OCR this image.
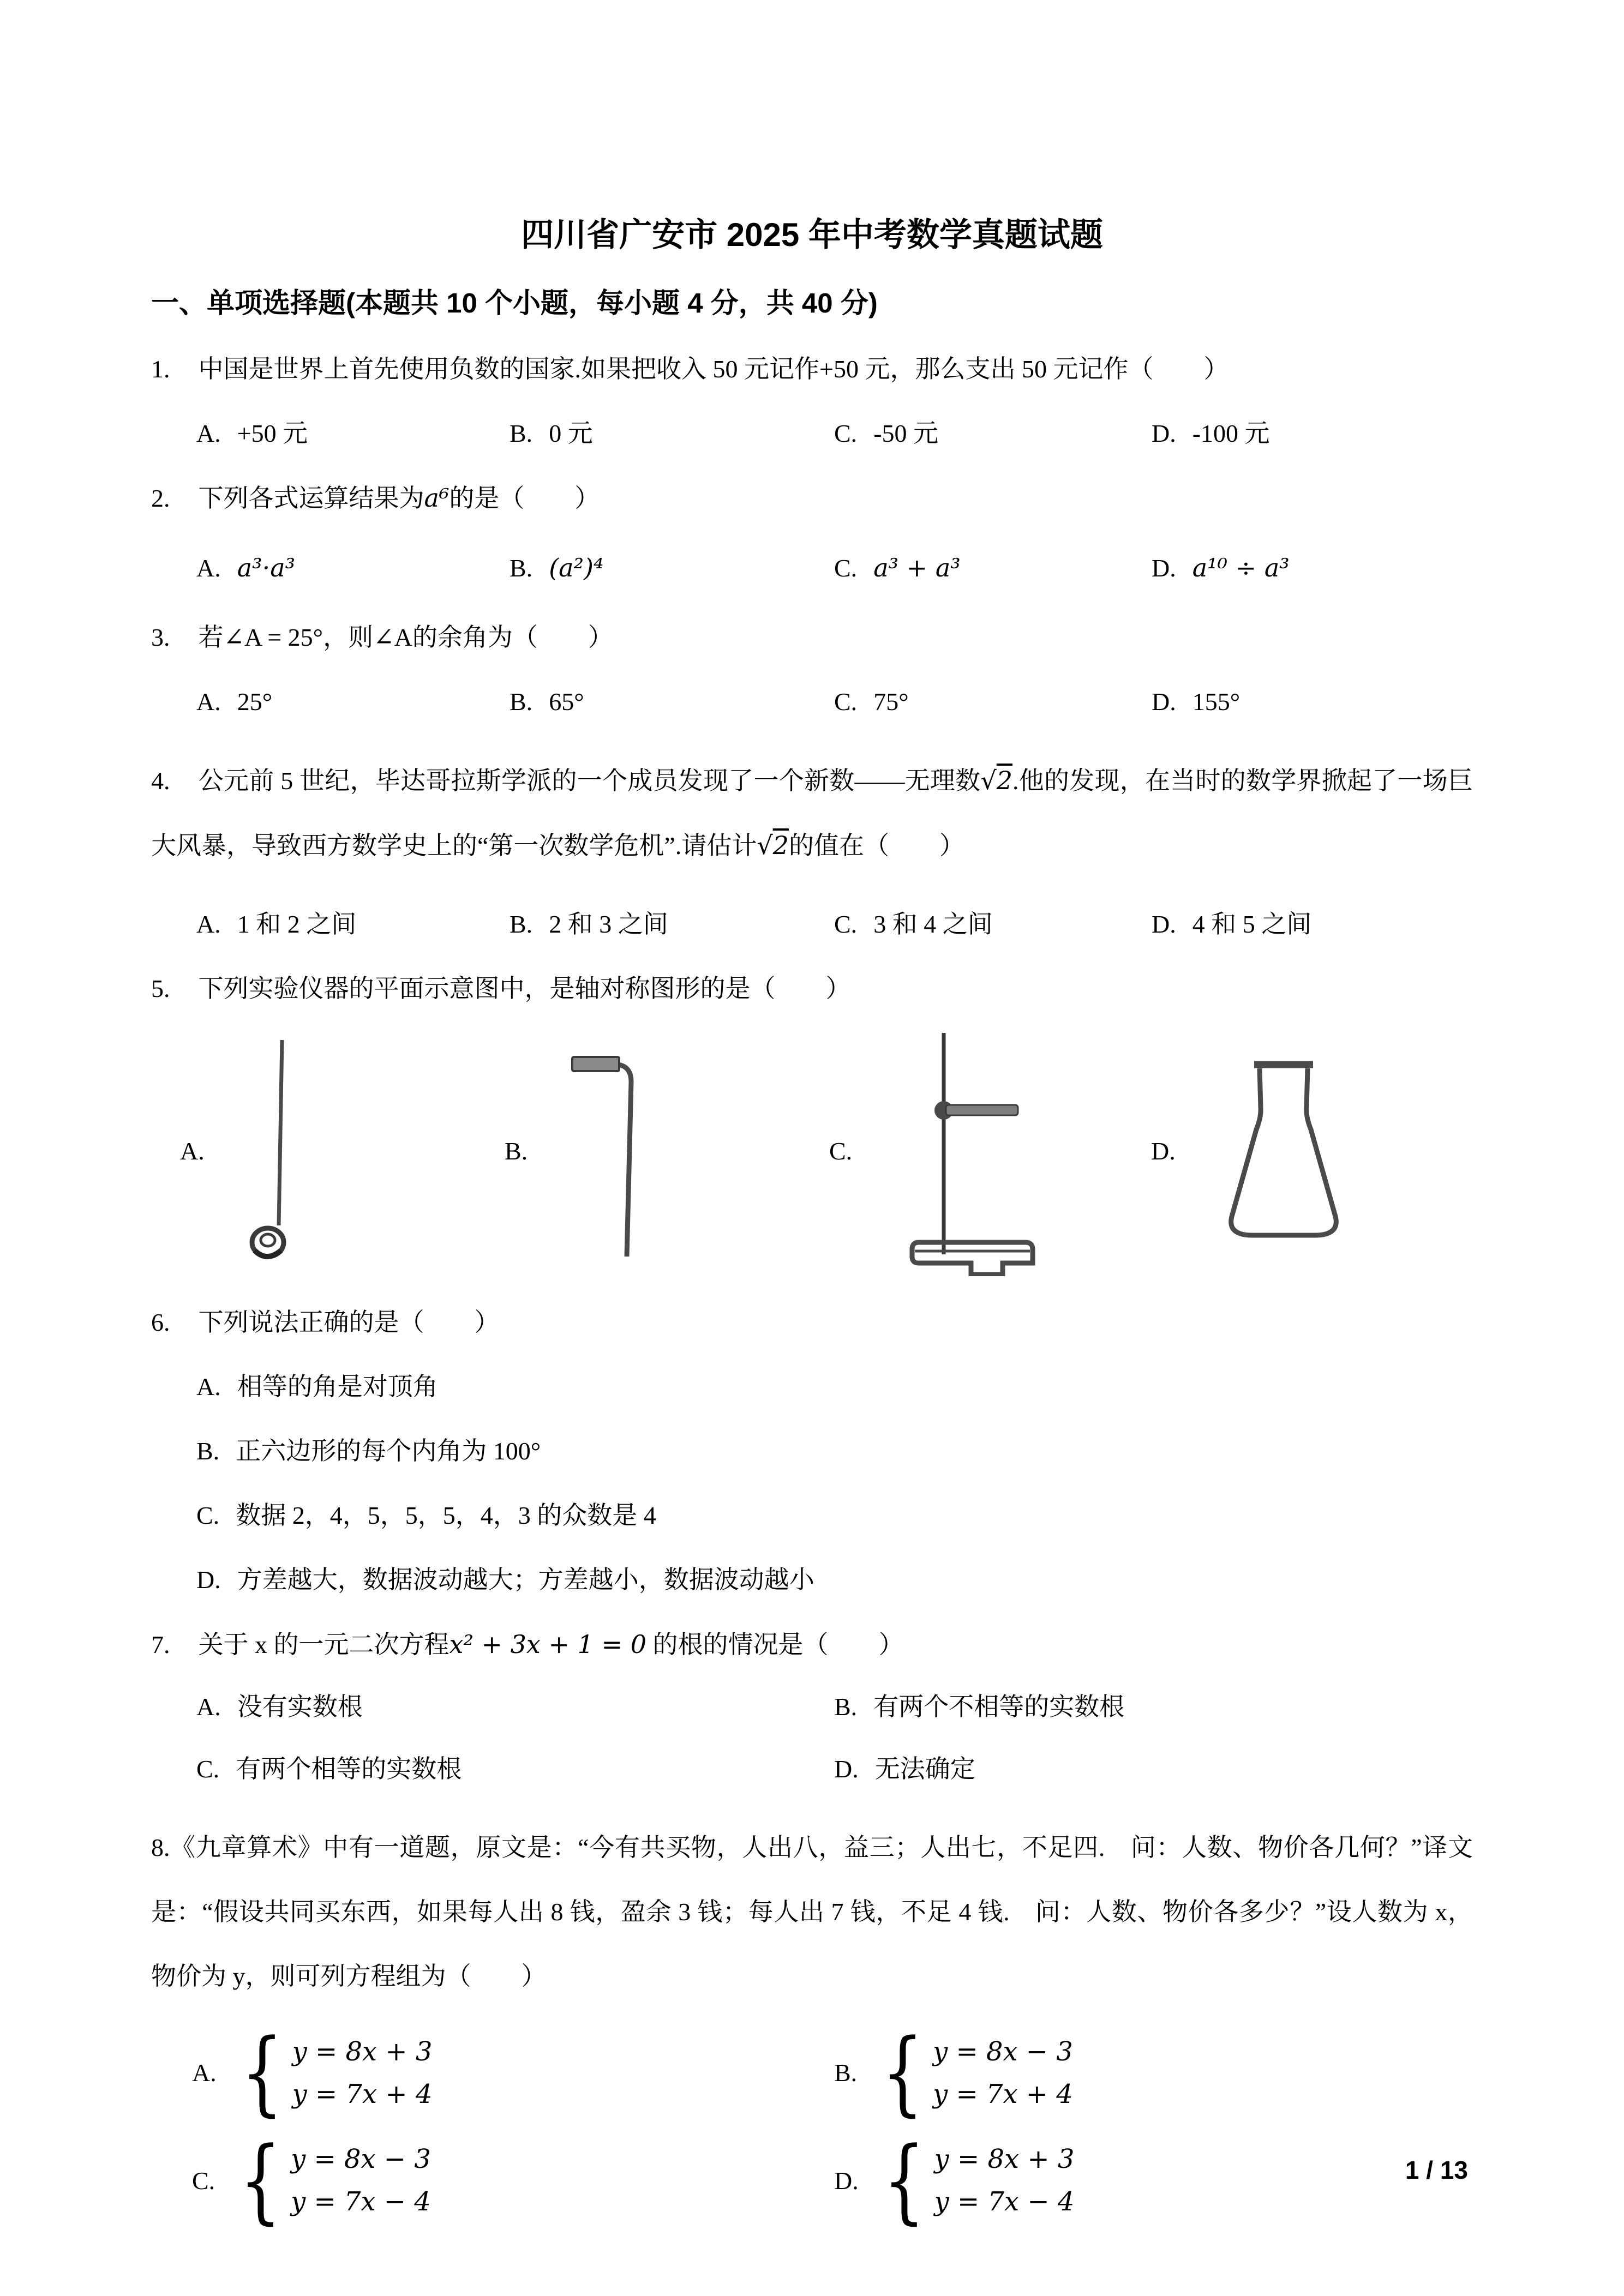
四川省广安市 2025 年中考数学真题试题
一、单项选择题(本题共 10 个小题，每小题 4 分，共 40 分)
1. 中国是世界上首先使用负数的国家.如果把收入 50 元记作+50 元，那么支出 50 元记作（　　）
A. +50 元	B. 0 元	C. -50 元	D. -100 元
2. 下列各式运算结果为a⁶的是（　　）
A. a³·a³	B. (a²)⁴	C. a³ + a³	D. a¹⁰ ÷ a³
3. 若∠A = 25°，则∠A的余角为（　　）
A. 25°	B. 65°	C. 75°	D. 155°
4. 公元前 5 世纪，毕达哥拉斯学派的一个成员发现了一个新数——无理数√2.他的发现，在当时的数学界掀起了一场巨大风暴，导致西方数学史上的“第一次数学危机”.请估计√2的值在（　　）
A. 1 和 2 之间	B. 2 和 3 之间	C. 3 和 4 之间	D. 4 和 5 之间
5. 下列实验仪器的平面示意图中，是轴对称图形的是（　　）
A.	B.	C.	D.
6. 下列说法正确的是（　　）
A. 相等的角是对顶角
B. 正六边形的每个内角为 100°
C. 数据 2，4，5，5，5，4，3 的众数是 4
D. 方差越大，数据波动越大；方差越小，数据波动越小
7. 关于 x 的一元二次方程x² + 3x + 1 = 0 的根的情况是（　　）
A. 没有实数根	B. 有两个不相等的实数根
C. 有两个相等的实数根	D. 无法确定
8.《九章算术》中有一道题，原文是：“今有共买物，人出八，益三；人出七，不足四.　问：人数、物价各几何？”译文是：“假设共同买东西，如果每人出 8 钱，盈余 3 钱；每人出 7 钱，不足 4 钱.　问：人数、物价各多少？”设人数为 x，物价为 y，则可列方程组为（　　）
A. { y = 8x + 3
y = 7x + 4
B. { y = 8x − 3
y = 7x + 4
C. { y = 8x − 3
y = 7x − 4
D. { y = 8x + 3
y = 7x − 4
1 / 13
